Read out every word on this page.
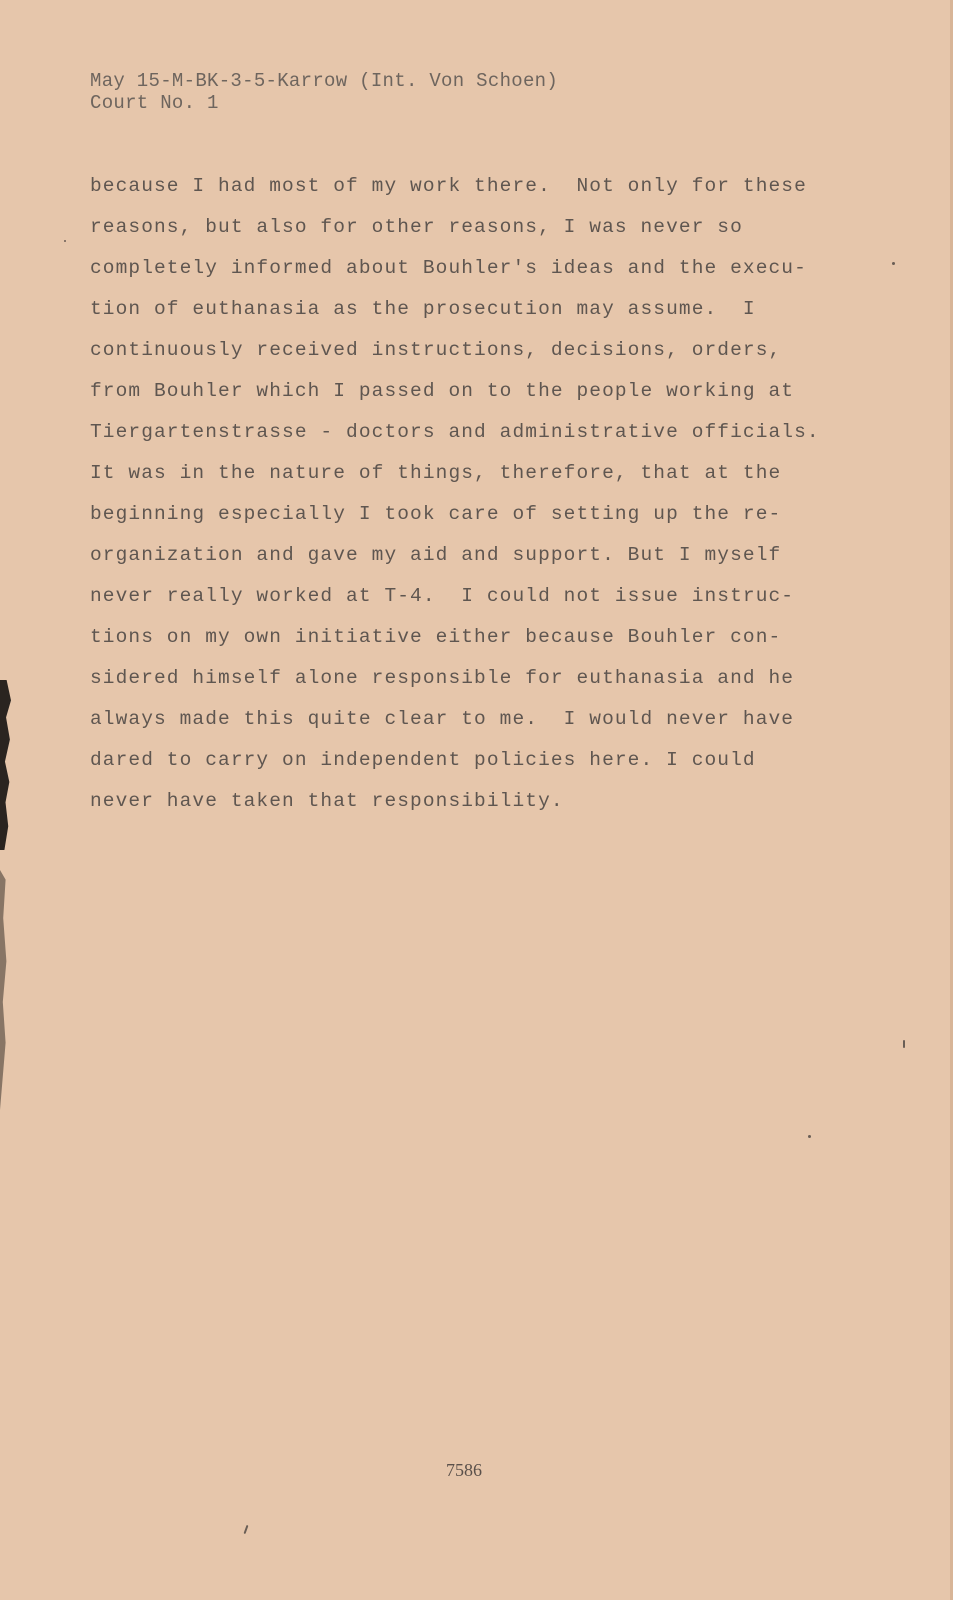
May 15-M-BK-3-5-Karrow (Int. Von Schoen)
Court No. 1
because I had most of my work there.  Not only for these
reasons, but also for other reasons, I was never so
completely informed about Bouhler's ideas and the execu-
tion of euthanasia as the prosecution may assume.  I
continuously received instructions, decisions, orders,
from Bouhler which I passed on to the people working at
Tiergartenstrasse - doctors and administrative officials.
It was in the nature of things, therefore, that at the
beginning especially I took care of setting up the re-
organization and gave my aid and support. But I myself
never really worked at T-4.  I could not issue instruc-
tions on my own initiative either because Bouhler con-
sidered himself alone responsible for euthanasia and he
always made this quite clear to me.  I would never have
dared to carry on independent policies here. I could
never have taken that responsibility.
7586
